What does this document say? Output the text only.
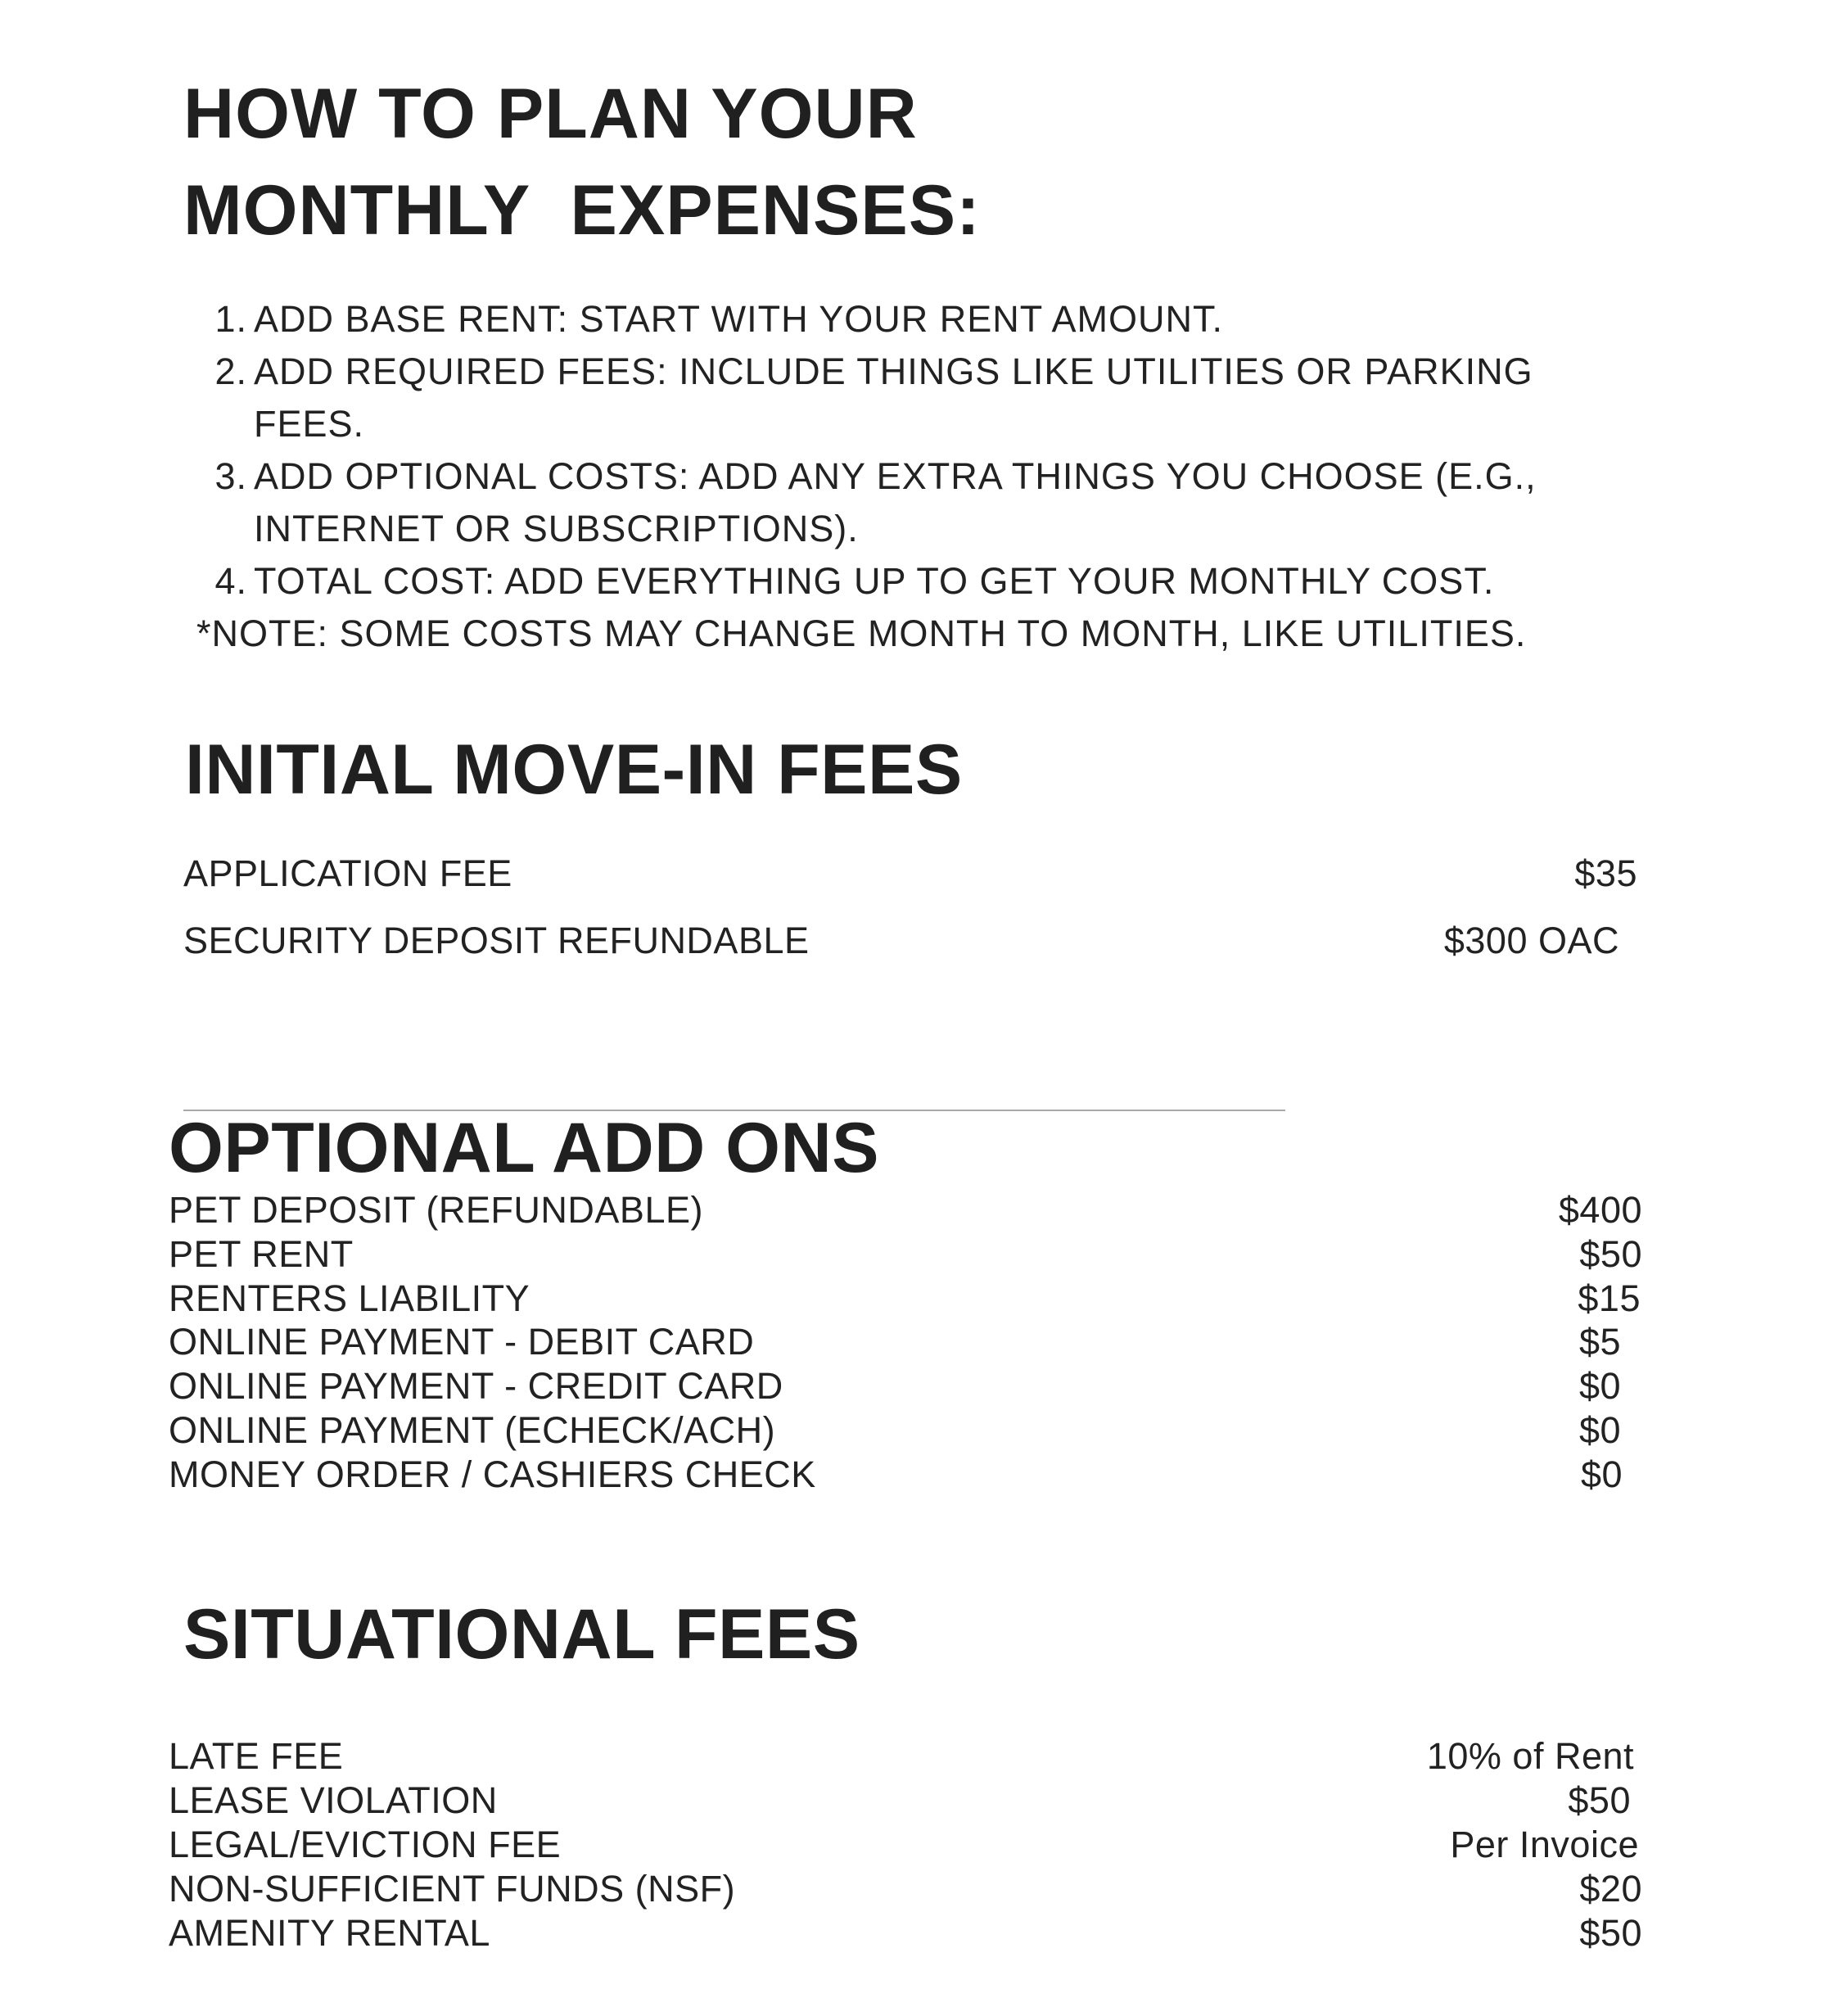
HOW TO PLAN YOUR
MONTHLY  EXPENSES:
1. ADD BASE RENT: START WITH YOUR RENT AMOUNT.
2. ADD REQUIRED FEES: INCLUDE THINGS LIKE UTILITIES OR PARKING FEES.
3. ADD OPTIONAL COSTS: ADD ANY EXTRA THINGS YOU CHOOSE (E.G., INTERNET OR SUBSCRIPTIONS).
4. TOTAL COST: ADD EVERYTHING UP TO GET YOUR MONTHLY COST.
*NOTE: SOME COSTS MAY CHANGE MONTH TO MONTH, LIKE UTILITIES.
INITIAL MOVE-IN FEES
APPLICATION FEE	$35
SECURITY DEPOSIT REFUNDABLE	$300 OAC
OPTIONAL ADD ONS
PET DEPOSIT (REFUNDABLE)	$400
PET RENT	$50
RENTERS LIABILITY	$15
ONLINE PAYMENT - DEBIT CARD	$5
ONLINE PAYMENT - CREDIT CARD	$0
ONLINE PAYMENT (ECHECK/ACH)	$0
MONEY ORDER / CASHIERS CHECK	$0
SITUATIONAL FEES
LATE FEE	10% of Rent
LEASE VIOLATION	$50
LEGAL/EVICTION FEE	Per Invoice
NON-SUFFICIENT FUNDS (NSF)	$20
AMENITY RENTAL	$50
